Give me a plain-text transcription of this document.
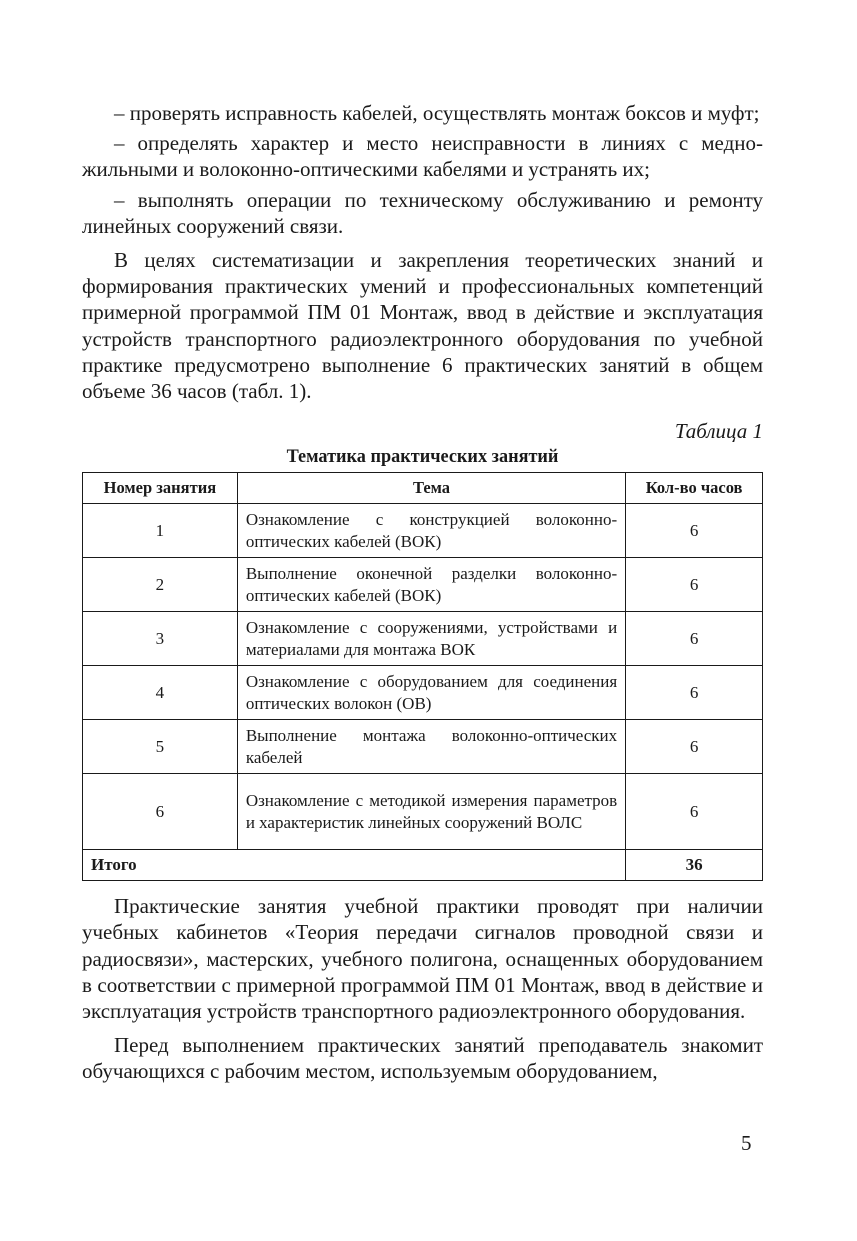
– проверять исправность кабелей, осуществлять монтаж боксов и муфт;

– определять характер и место неисправности в линиях с медножильными и волоконно-оптическими кабелями и устранять их;

– выполнять операции по техническому обслуживанию и ремонту линейных сооружений связи.

В целях систематизации и закрепления теоретических знаний и формирования практических умений и профессиональных компетенций примерной программой ПМ 01 Монтаж, ввод в действие и эксплуатация устройств транспортного радиоэлектронного оборудования по учебной практике предусмотрено выполнение 6 практических занятий в общем объеме 36 часов (табл. 1).

Таблица 1

Тематика практических занятий

Номер занятия	Тема	Кол-во часов
1	Ознакомление с конструкцией волоконно-оптических кабелей (ВОК)	6
2	Выполнение оконечной разделки волоконно-оптических кабелей (ВОК)	6
3	Ознакомление с сооружениями, устройствами и материалами для монтажа ВОК	6
4	Ознакомление с оборудованием для соединения оптических волокон (ОВ)	6
5	Выполнение монтажа волоконно-оптических кабелей	6
6	Ознакомление с методикой измерения параметров и характеристик линейных сооружений ВОЛС	6
Итого		36

Практические занятия учебной практики проводят при наличии учебных кабинетов «Теория передачи сигналов проводной связи и радиосвязи», мастерских, учебного полигона, оснащенных оборудованием в соответствии с примерной программой ПМ 01 Монтаж, ввод в действие и эксплуатация устройств транспортного радиоэлектронного оборудования.

Перед выполнением практических занятий преподаватель знакомит обучающихся с рабочим местом, используемым оборудованием,

5
